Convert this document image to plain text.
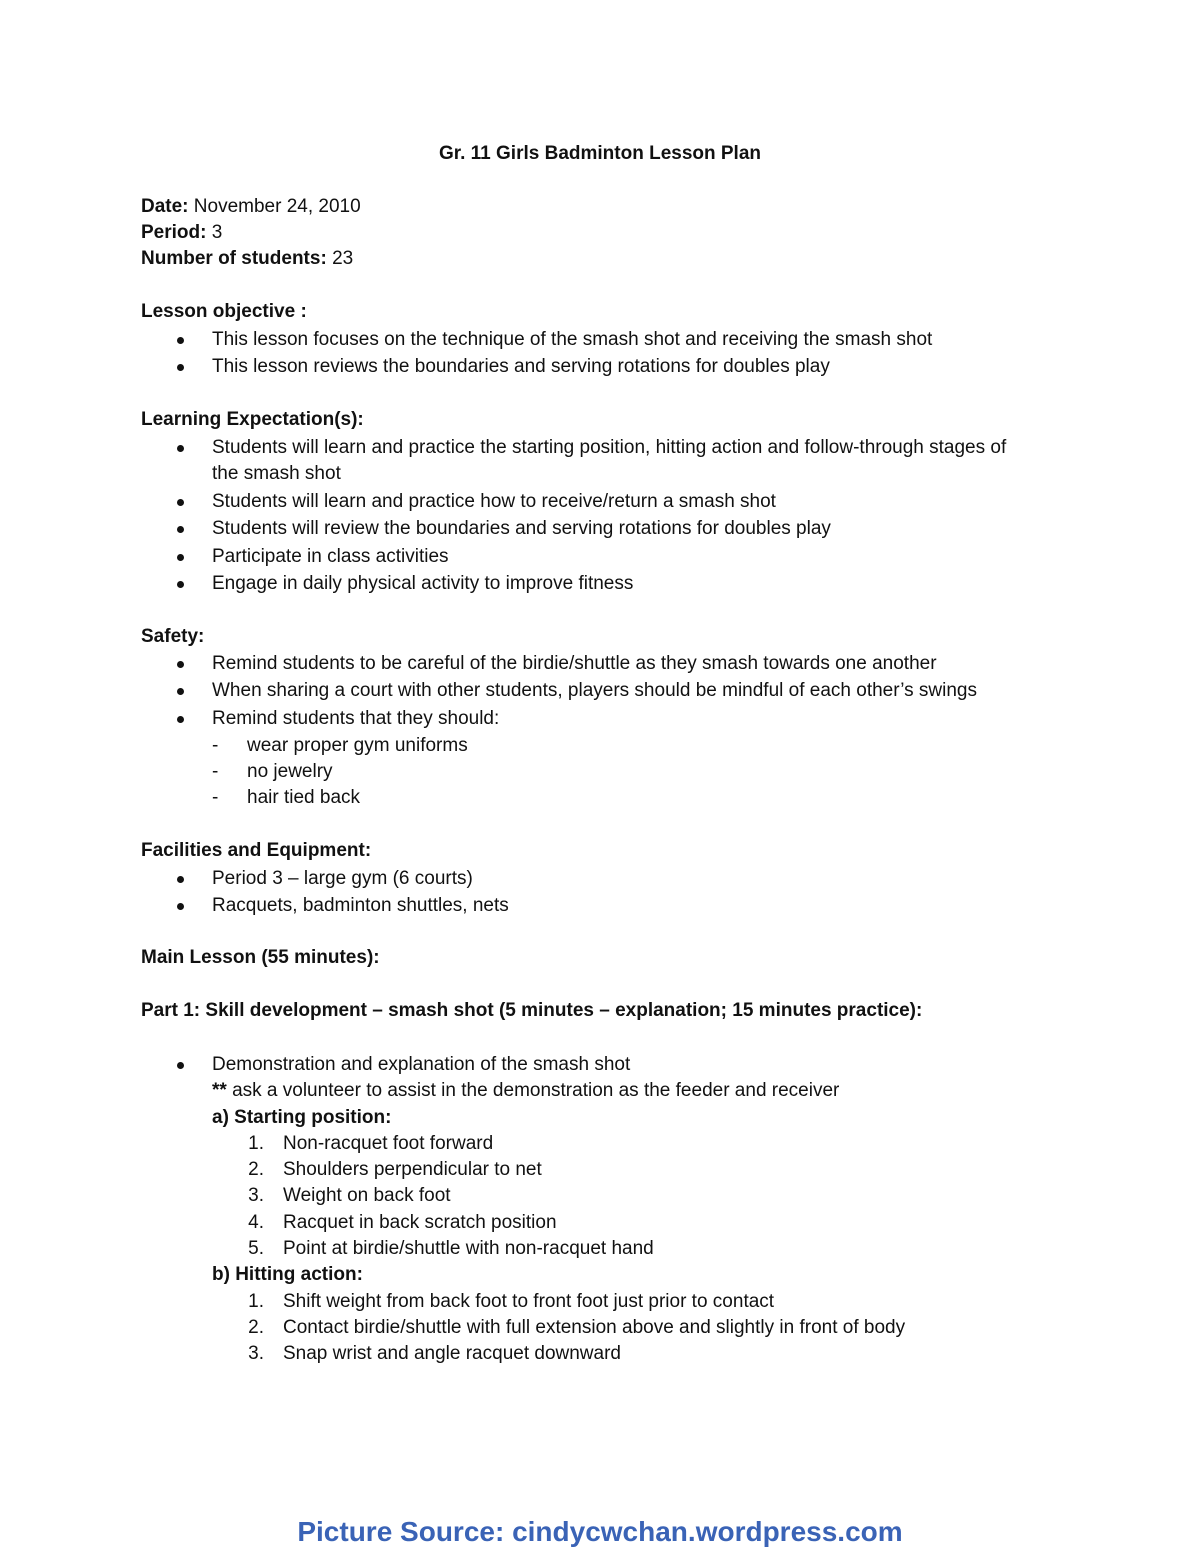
Gr. 11 Girls Badminton Lesson Plan
Date: November 24, 2010
Period: 3
Number of students: 23
Lesson objective :
This lesson focuses on the technique of the smash shot and receiving the smash shot
This lesson reviews the boundaries and serving rotations for doubles play
Learning Expectation(s):
Students will learn and practice the starting position, hitting action and follow-through stages of
the smash shot
Students will learn and practice how to receive/return a smash shot
Students will review the boundaries and serving rotations for doubles play
Participate in class activities
Engage in daily physical activity to improve fitness
Safety:
Remind students to be careful of the birdie/shuttle as they smash towards one another
When sharing a court with other students, players should be mindful of each other’s swings
Remind students that they should:
- wear proper gym uniforms
- no jewelry
- hair tied back
Facilities and Equipment:
Period 3 – large gym (6 courts)
Racquets, badminton shuttles, nets
Main Lesson (55 minutes):
Part 1: Skill development – smash shot (5 minutes – explanation; 15 minutes practice):
Demonstration and explanation of the smash shot
** ask a volunteer to assist in the demonstration as the feeder and receiver
a) Starting position:
1. Non-racquet foot forward
2. Shoulders perpendicular to net
3. Weight on back foot
4. Racquet in back scratch position
5. Point at birdie/shuttle with non-racquet hand
b) Hitting action:
1. Shift weight from back foot to front foot just prior to contact
2. Contact birdie/shuttle with full extension above and slightly in front of body
3. Snap wrist and angle racquet downward
Picture Source: cindycwchan.wordpress.com
